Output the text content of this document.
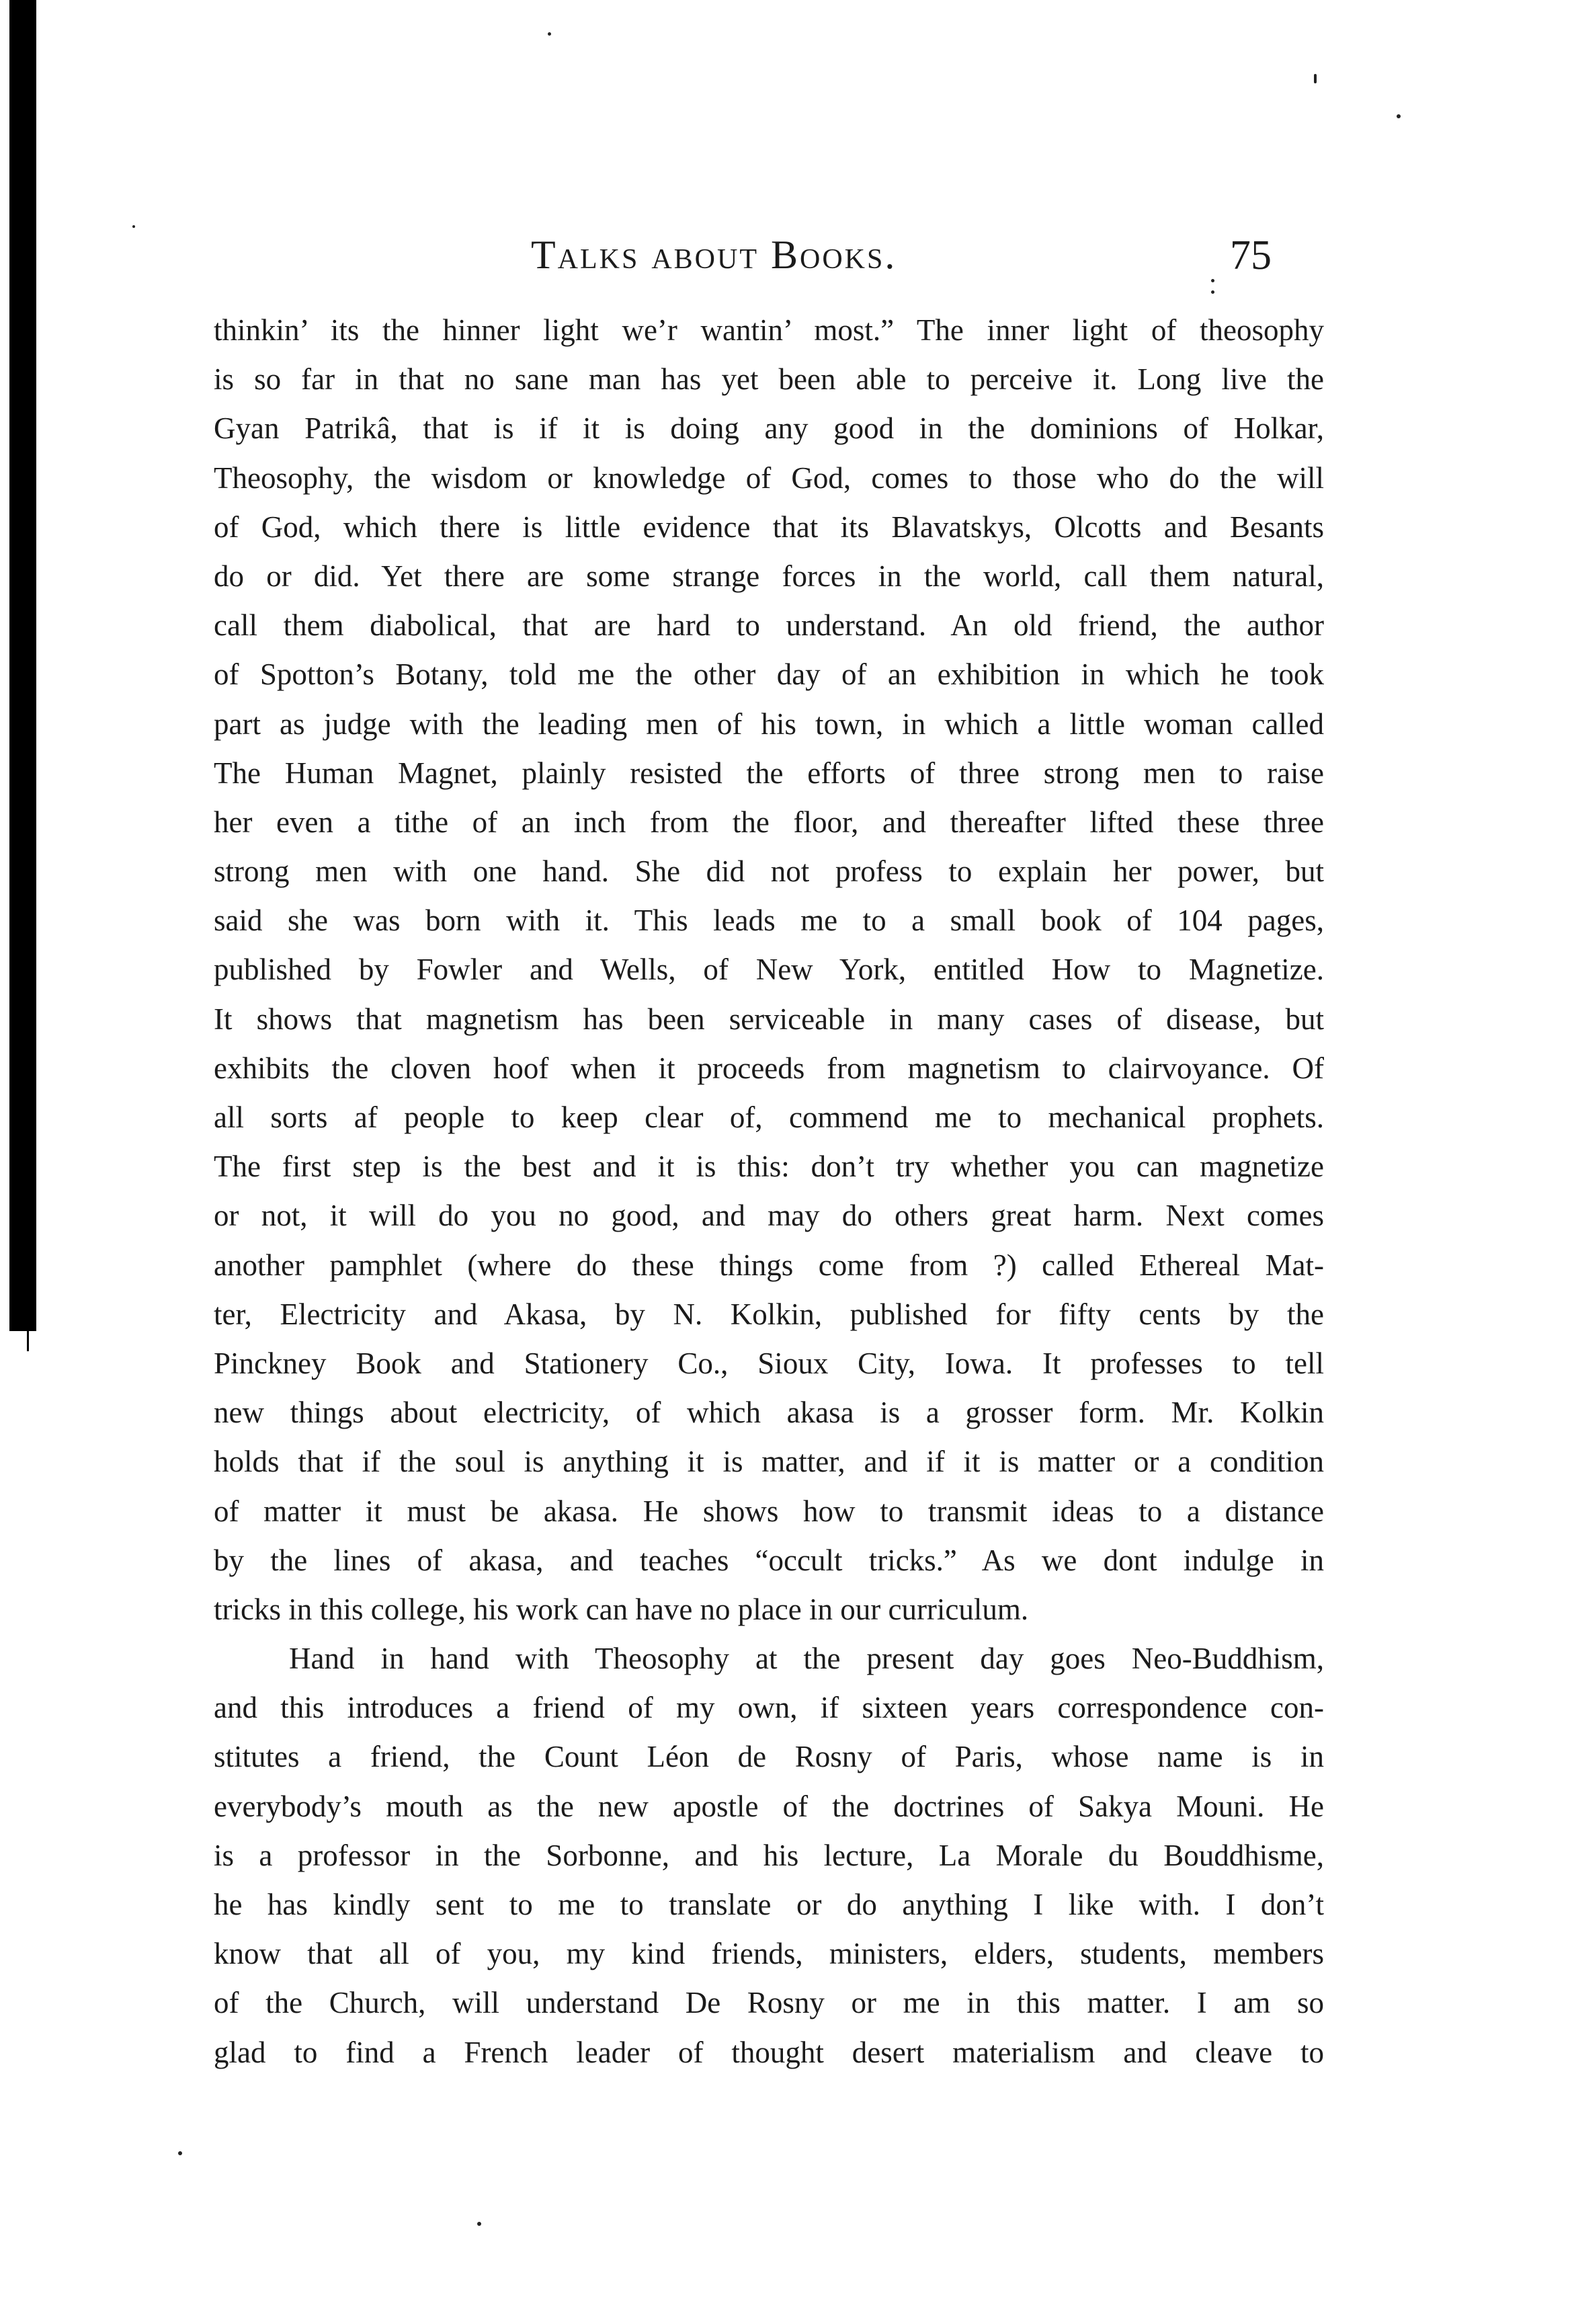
Talks about Books.	75
thinkin’ its the hinner light we’r wantin’ most.” The inner light of theosophy
is so far in that no sane man has yet been able to perceive it. Long live the
Gyan Patrikâ, that is if it is doing any good in the dominions of Holkar,
Theosophy, the wisdom or knowledge of God, comes to those who do the will
of God, which there is little evidence that its Blavatskys, Olcotts and Besants
do or did. Yet there are some strange forces in the world, call them natural,
call them diabolical, that are hard to understand. An old friend, the author
of Spotton’s Botany, told me the other day of an exhibition in which he took
part as judge with the leading men of his town, in which a little woman called
The Human Magnet, plainly resisted the efforts of three strong men to raise
her even a tithe of an inch from the floor, and thereafter lifted these three
strong men with one hand. She did not profess to explain her power, but
said she was born with it. This leads me to a small book of 104 pages,
published by Fowler and Wells, of New York, entitled How to Magnetize.
It shows that magnetism has been serviceable in many cases of disease, but
exhibits the cloven hoof when it proceeds from magnetism to clairvoyance. Of
all sorts af people to keep clear of, commend me to mechanical prophets.
The first step is the best and it is this: don’t try whether you can magnetize
or not, it will do you no good, and may do others great harm. Next comes
another pamphlet (where do these things come from ?) called Ethereal Mat-
ter, Electricity and Akasa, by N. Kolkin, published for fifty cents by the
Pinckney Book and Stationery Co., Sioux City, Iowa. It professes to tell
new things about electricity, of which akasa is a grosser form. Mr. Kolkin
holds that if the soul is anything it is matter, and if it is matter or a condition
of matter it must be akasa. He shows how to transmit ideas to a distance
by the lines of akasa, and teaches “occult tricks.” As we dont indulge in
tricks in this college, his work can have no place in our curriculum.
Hand in hand with Theosophy at the present day goes Neo-Buddhism,
and this introduces a friend of my own, if sixteen years correspondence con-
stitutes a friend, the Count Léon de Rosny of Paris, whose name is in
everybody’s mouth as the new apostle of the doctrines of Sakya Mouni. He
is a professor in the Sorbonne, and his lecture, La Morale du Bouddhisme,
he has kindly sent to me to translate or do anything I like with. I don’t
know that all of you, my kind friends, ministers, elders, students, members
of the Church, will understand De Rosny or me in this matter. I am so
glad to find a French leader of thought desert materialism and cleave to
